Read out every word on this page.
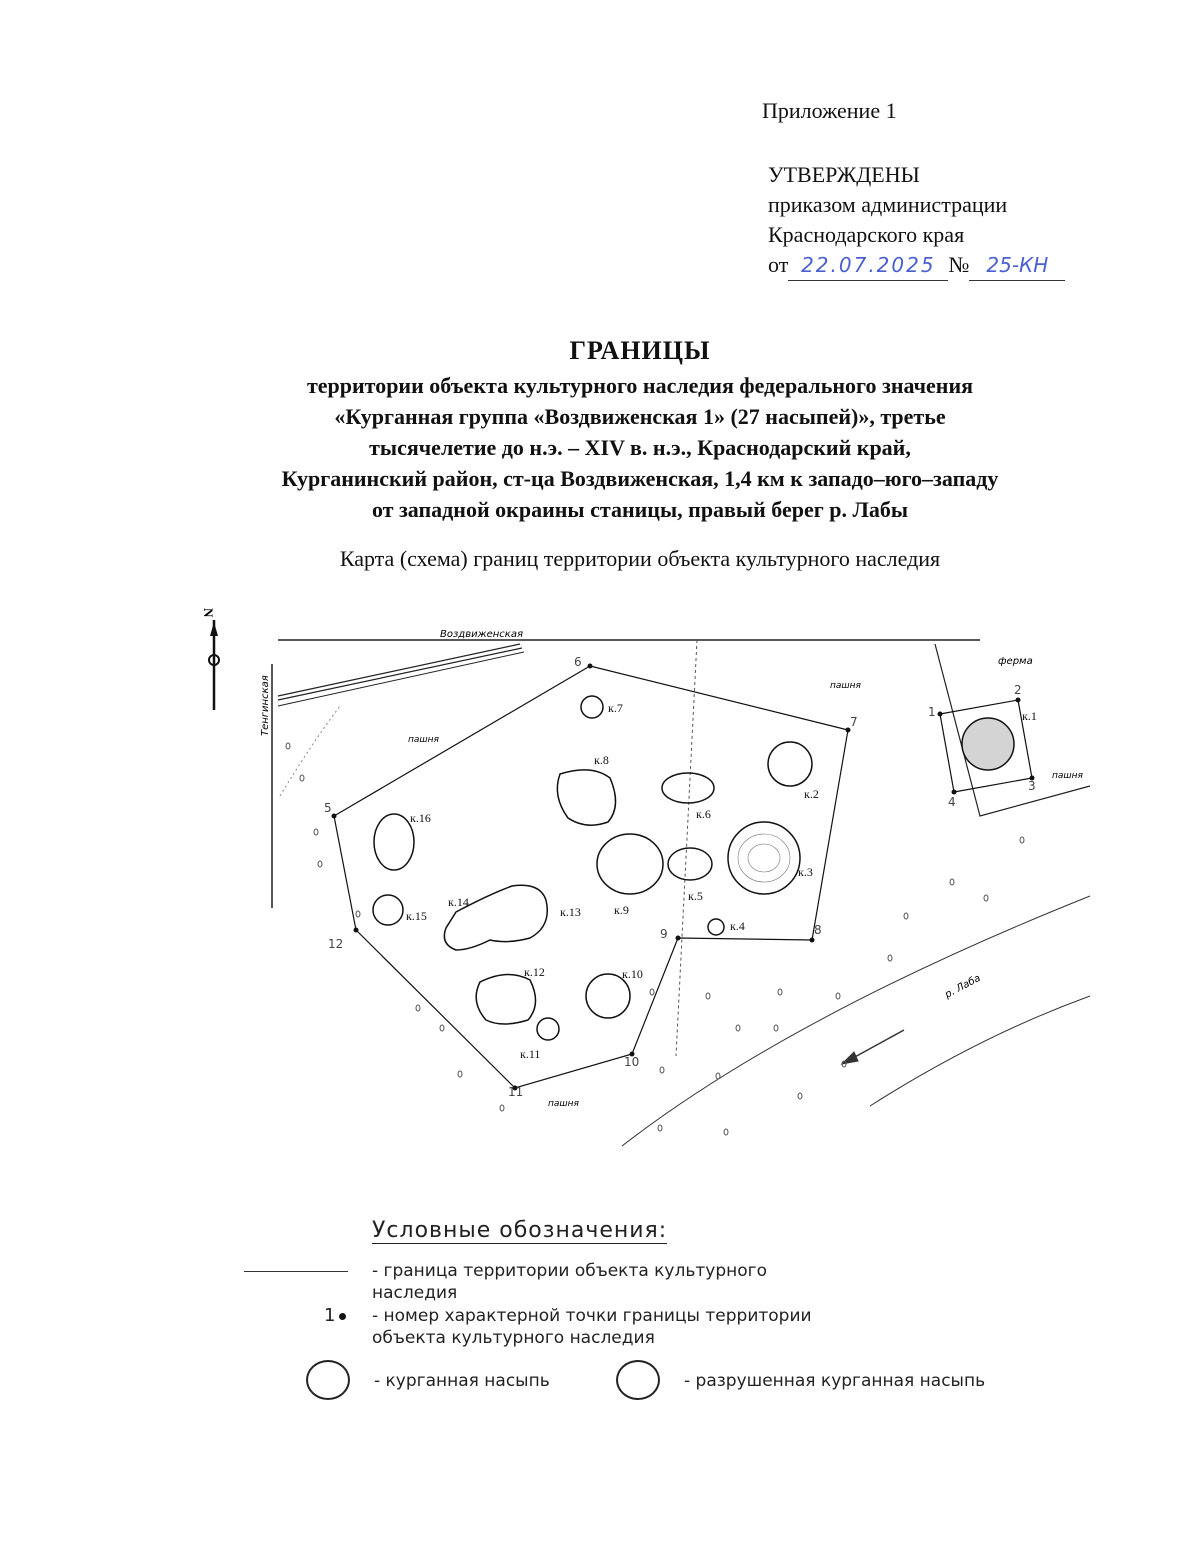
Приложение 1
УТВЕРЖДЕНЫ
приказом администрации
Краснодарского края
от 22.07.2025 № 25-КН
ГРАНИЦЫ
территории объекта культурного наследия федерального значения
«Курганная группа «Воздвиженская 1» (27 насыпей)», третье
тысячелетие до н.э. – XIV в. н.э., Краснодарский край,
Курганинский район, ст-ца Воздвиженская, 1,4 км к западо–юго–западу
от западной окраины станицы, правый берег р. Лабы
Карта (схема) границ территории объекта культурного наследия
N
Воздвиженская
Тенгинская
ферма
р. Лаба
пашня
пашня
пашня
пашня
к.1
к.2
к.3
к.4
к.5
к.6
к.7
к.8
к.9
к.10
к.11
к.12
к.13
к.14
к.15
к.16
1
2
3
4
5
6
7
8
9
10
11
12
Условные обозначения:
- граница территории объекта культурного
наследия
1	- номер характерной точки границы территории
объекта культурного наследия
- курганная насыпь	- разрушенная курганная насыпь
